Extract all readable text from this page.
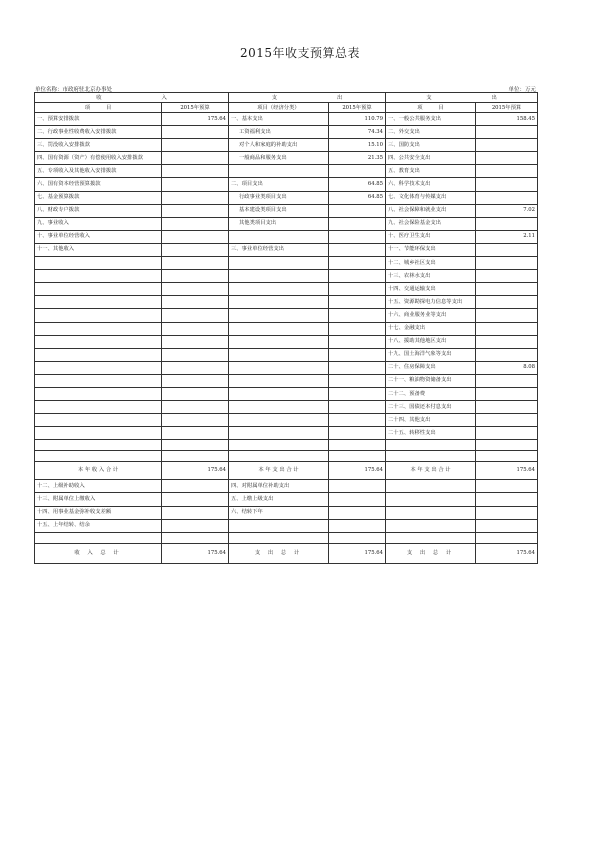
2015年收支预算总表
单位名称：市政府驻北京办事处	单位：万元
收 入		支 出		支 出	
项　　　目	2015年预算	项目（经济分类）	2015年预算	项　　　目	2015年预算
一、预算安排拨款	175.64	一、基本支出	110.79	一、一般公共服务支出	158.45
二、行政事业性收费收入安排拨款		工资福利支出	74.34	二、外交支出	
三、罚没收入安排拨款		对个人和家庭的补助支出	15.10	三、国防支出	
四、国有资源（资产）有偿使用收入安排拨款		一般商品和服务支出	21.35	四、公共安全支出	
五、专项收入及其他收入安排拨款				五、教育支出	
六、国有资本经营预算拨款		二、项目支出	64.85	六、科学技术支出	
七、基金预算拨款		行政事业类项目支出	64.85	七、文化体育与传媒支出	
八、财政专户拨款		基本建设类项目支出		八、社会保障和就业支出	7.02
九、事业收入		其他类项目支出		九、社会保险基金支出	
十、事业单位经营收入				十、医疗卫生支出	2.11
十一、其他收入		三、事业单位经营支出		十一、节能环保支出	
				十二、城乡社区支出	
				十三、农林水支出	
				十四、交通运输支出	
				十五、资源勘探电力信息等支出	
				十六、商业服务业等支出	
				十七、金融支出	
				十八、援助其他地区支出	
				十九、国土海洋气象等支出	
				二十、住房保障支出	8.08
				二十一、粮油物资储备支出	
				二十二、预备费	
				二十三、国债还本付息支出	
				二十四、其他支出	
				二十五、转移性支出	

本 年 收 入 合 计	175.64	本 年 支 出 合 计	175.64	本 年 支 出 合 计	175.64
十二、上级补助收入		四、对附属单位补助支出			
十三、附属单位上缴收入		五、上缴上级支出			
十四、用事业基金弥补收支差额		六、结转下年			
十五、上年结转、结余					

收 入 总 计	175.64	支 出 总 计	175.64	支 出 总 计	175.64
